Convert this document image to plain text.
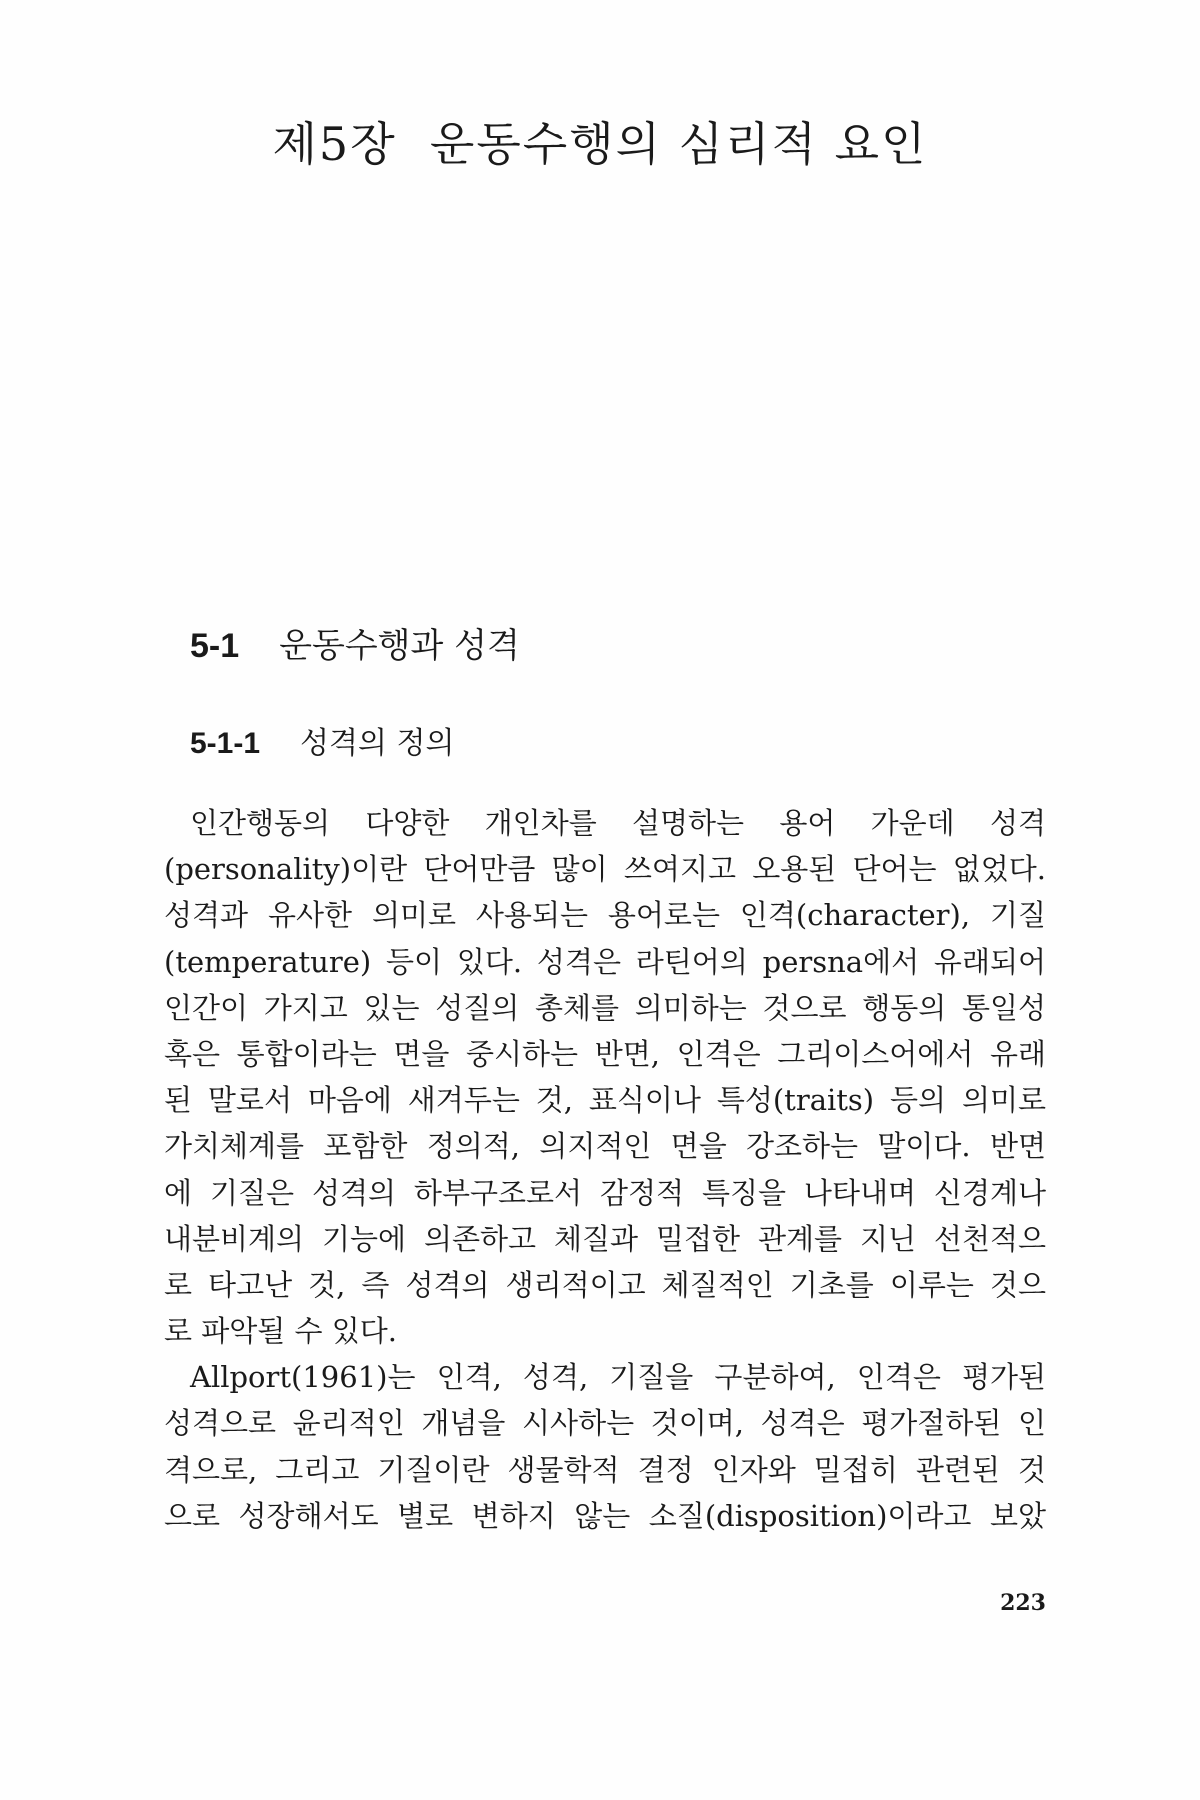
제5장  운동수행의 심리적 요인
5-1 운동수행과 성격
5-1-1 성격의 정의
인간행동의 다양한 개인차를 설명하는 용어 가운데 성격
(personality)이란 단어만큼 많이 쓰여지고 오용된 단어는 없었다.
성격과 유사한 의미로 사용되는 용어로는 인격(character), 기질
(temperature) 등이 있다. 성격은 라틴어의 persna에서 유래되어
인간이 가지고 있는 성질의 총체를 의미하는 것으로 행동의 통일성
혹은 통합이라는 면을 중시하는 반면, 인격은 그리이스어에서 유래
된 말로서 마음에 새겨두는 것, 표식이나 특성(traits) 등의 의미로
가치체계를 포함한 정의적, 의지적인 면을 강조하는 말이다. 반면
에 기질은 성격의 하부구조로서 감정적 특징을 나타내며 신경계나
내분비계의 기능에 의존하고 체질과 밀접한 관계를 지닌 선천적으
로 타고난 것, 즉 성격의 생리적이고 체질적인 기초를 이루는 것으
로 파악될 수 있다.
Allport(1961)는 인격, 성격, 기질을 구분하여, 인격은 평가된
성격으로 윤리적인 개념을 시사하는 것이며, 성격은 평가절하된 인
격으로, 그리고 기질이란 생물학적 결정 인자와 밀접히 관련된 것
으로 성장해서도 별로 변하지 않는 소질(disposition)이라고 보았
223
